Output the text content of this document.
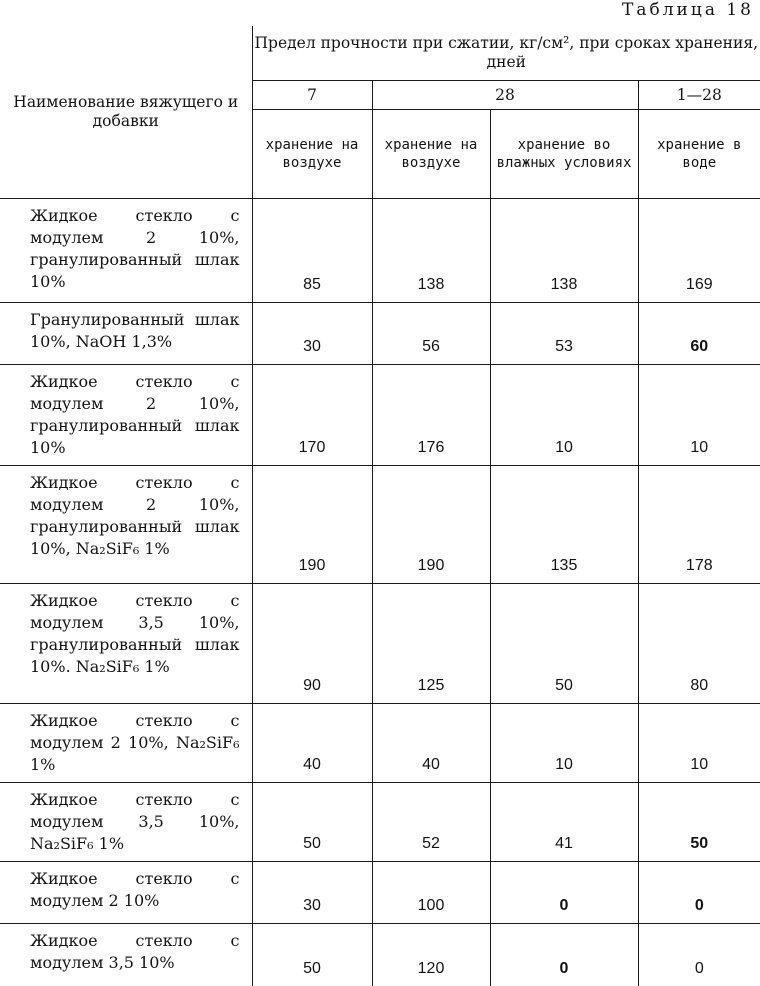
Таблица 18
Наименование вяжущего и добавки	Предел прочности при сжатии, кг/см², при сроках хранения, дней			
	7	28		1—28
	хранение на воздухе	хранение на воздухе	хранение во влажных условиях	хранение в воде
Жидкое стекло с модулем 2 10%, гранулированный шлак 10%	85	138	138	169
Гранулированный шлак 10%, NaOH 1,3%	30	56	53	60
Жидкое стекло с модулем 2 10%, гранулированный шлак 10%	170	176	10	10
Жидкое стекло с модулем 2 10%, гранулированный шлак 10%, Na₂SiF₆ 1%	190	190	135	178
Жидкое стекло с модулем 3,5 10%, гранулированный шлак 10%. Na₂SiF₆ 1%	90	125	50	80
Жидкое стекло с модулем 2 10%, Na₂SiF₆ 1%	40	40	10	10
Жидкое стекло с модулем 3,5 10%, Na₂SiF₆ 1%	50	52	41	50
Жидкое стекло с модулем 2 10%	30	100	0	0
Жидкое стекло с модулем 3,5 10%	50	120	0	0
